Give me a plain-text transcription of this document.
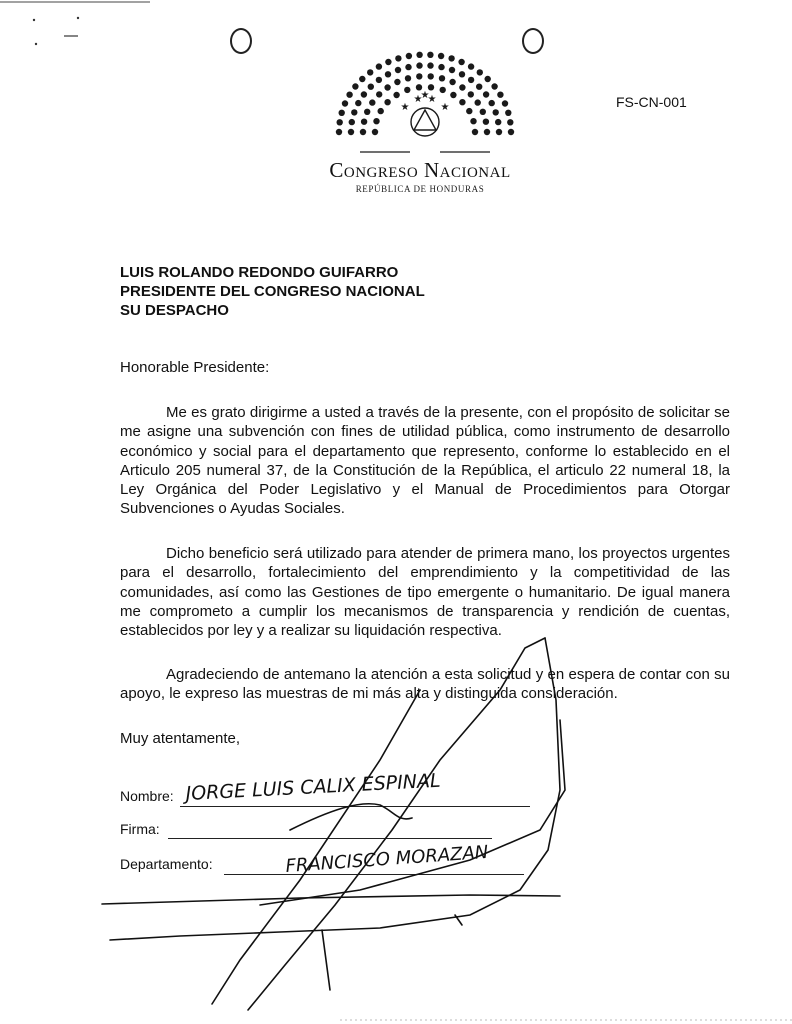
★
★ ★
★
★
Congreso Nacional
REPÚBLICA DE HONDURAS
FS-CN-001
LUIS ROLANDO REDONDO GUIFARRO
PRESIDENTE DEL CONGRESO NACIONAL
SU DESPACHO
Honorable Presidente:

Me es grato dirigirme a usted a través de la presente, con el propósito de solicitar se me asigne una subvención con fines de utilidad pública, como instrumento de desarrollo económico y social para el departamento que represento, conforme lo establecido en el Articulo 205 numeral 37, de la Constitución de la República, el articulo 22 numeral 18, la Ley Orgánica del Poder Legislativo y el Manual de Procedimientos para Otorgar Subvenciones o Ayudas Sociales.

Dicho beneficio será utilizado para atender de primera mano, los proyectos urgentes para el desarrollo, fortalecimiento del emprendimiento y la competitividad de las comunidades, así como las Gestiones de tipo emergente o humanitario. De igual manera me comprometo a cumplir los mecanismos de transparencia y rendición de cuentas, establecidos por ley y a realizar su liquidación respectiva.

Agradeciendo de antemano la atención a esta solicitud y en espera de contar con su apoyo, le expreso las muestras de mi más alta y distinguida consideración.

Muy atentamente,
Nombre:
Firma:
Departamento:
JORGE LUIS CALIX ESPINAL
FRANCISCO MORAZAN
